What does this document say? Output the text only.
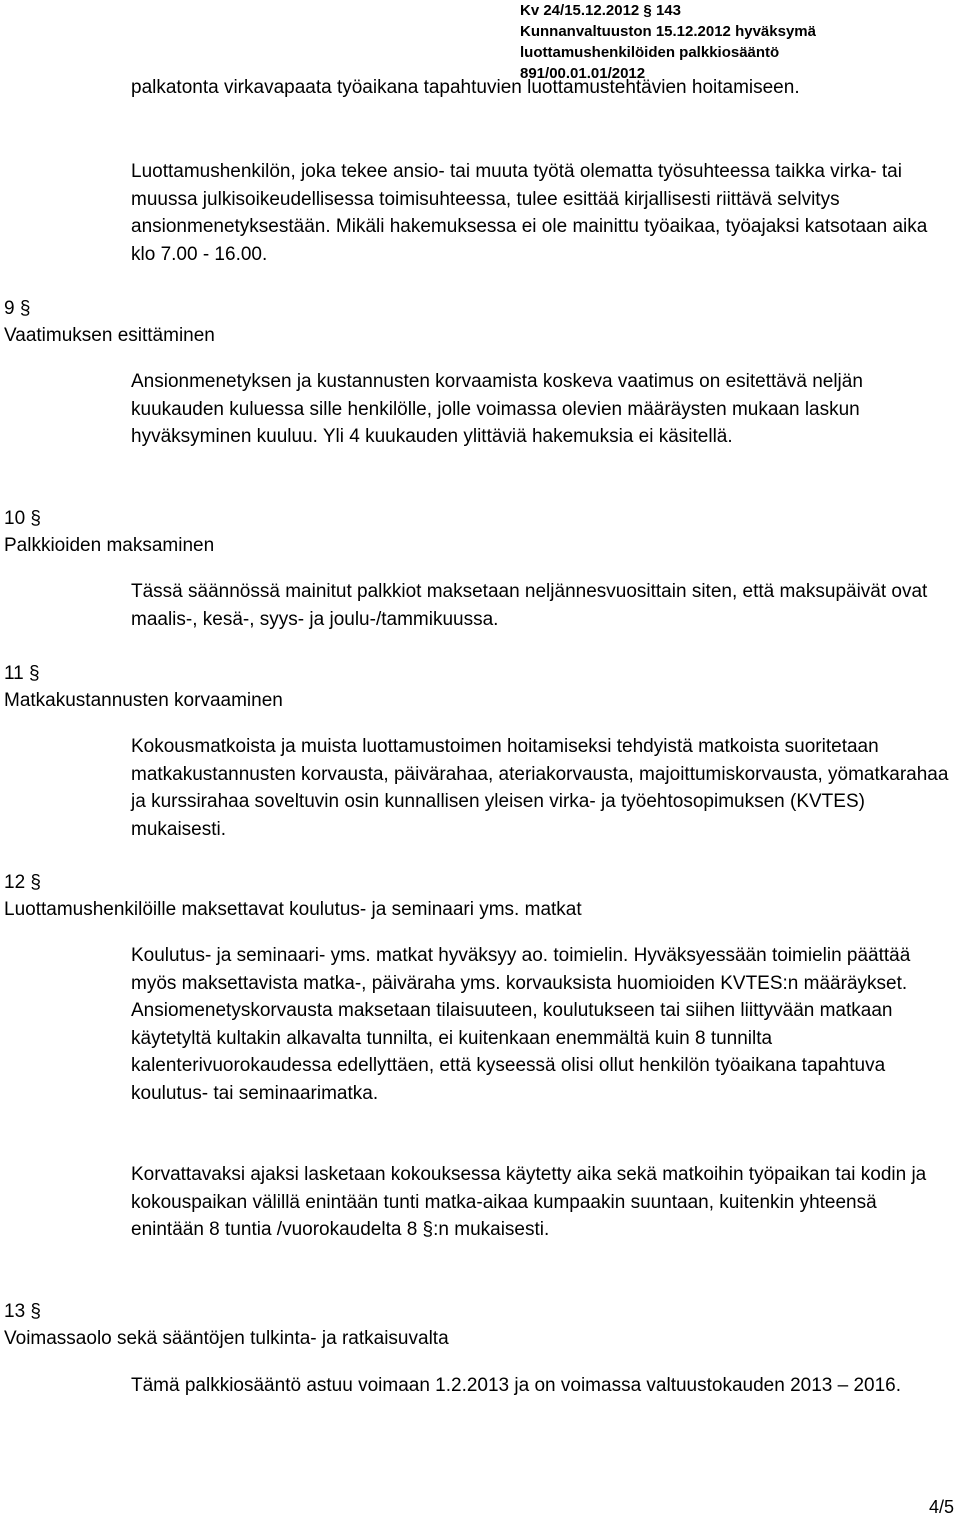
Kv 24/15.12.2012 § 143
Kunnanvaltuuston 15.12.2012 hyväksymä
luottamushenkilöiden palkkiosääntö
891/00.01.01/2012
palkatonta virkavapaata työaikana tapahtuvien luottamustehtävien hoitamiseen.
Luottamushenkilön, joka tekee ansio- tai muuta työtä olematta työsuhteessa taikka virka- tai muussa julkisoikeudellisessa toimisuhteessa, tulee esittää kirjallisesti riittävä selvitys ansionmenetyksestään. Mikäli hakemuksessa ei ole mainittu työaikaa, työajaksi katsotaan aika klo 7.00 - 16.00.
9 §
Vaatimuksen esittäminen
Ansionmenetyksen ja kustannusten korvaamista koskeva vaatimus on esitettävä neljän kuukauden kuluessa sille henkilölle, jolle voimassa olevien määräysten mukaan laskun hyväksyminen kuuluu. Yli 4 kuukauden ylittäviä hakemuksia ei käsitellä.
10 §
Palkkioiden maksaminen
Tässä säännössä mainitut palkkiot maksetaan neljännesvuosittain siten, että maksupäivät ovat maalis-, kesä-, syys- ja joulu-/tammikuussa.
11 §
Matkakustannusten korvaaminen
Kokousmatkoista ja muista luottamustoimen hoitamiseksi tehdyistä matkoista suoritetaan matkakustannusten korvausta, päivärahaa, ateriakorvausta, majoittumiskorvausta, yömatkarahaa ja kurssirahaa soveltuvin osin kunnallisen yleisen virka- ja työehtosopimuksen (KVTES) mukaisesti.
12 §
Luottamushenkilöille maksettavat koulutus- ja seminaari yms. matkat
Koulutus- ja seminaari- yms. matkat hyväksyy ao. toimielin. Hyväksyessään toimielin päättää myös maksettavista matka-, päiväraha yms. korvauksista huomioiden KVTES:n määräykset. Ansiomenetyskorvausta maksetaan tilaisuuteen, koulutukseen tai siihen liittyvään matkaan käytetyltä kultakin alkavalta tunnilta, ei kuitenkaan enemmältä kuin 8 tunnilta kalenterivuorokaudessa edellyttäen, että kyseessä olisi ollut henkilön työaikana tapahtuva koulutus- tai seminaarimatka.
Korvattavaksi ajaksi lasketaan kokouksessa käytetty aika sekä matkoihin työpaikan tai kodin ja kokouspaikan välillä enintään tunti matka-aikaa kumpaakin suuntaan, kuitenkin yhteensä enintään 8 tuntia /vuorokaudelta 8 §:n mukaisesti.
13 §
Voimassaolo sekä sääntöjen tulkinta- ja ratkaisuvalta
Tämä palkkiosääntö astuu voimaan 1.2.2013 ja on voimassa valtuustokauden 2013 – 2016.
4/5
